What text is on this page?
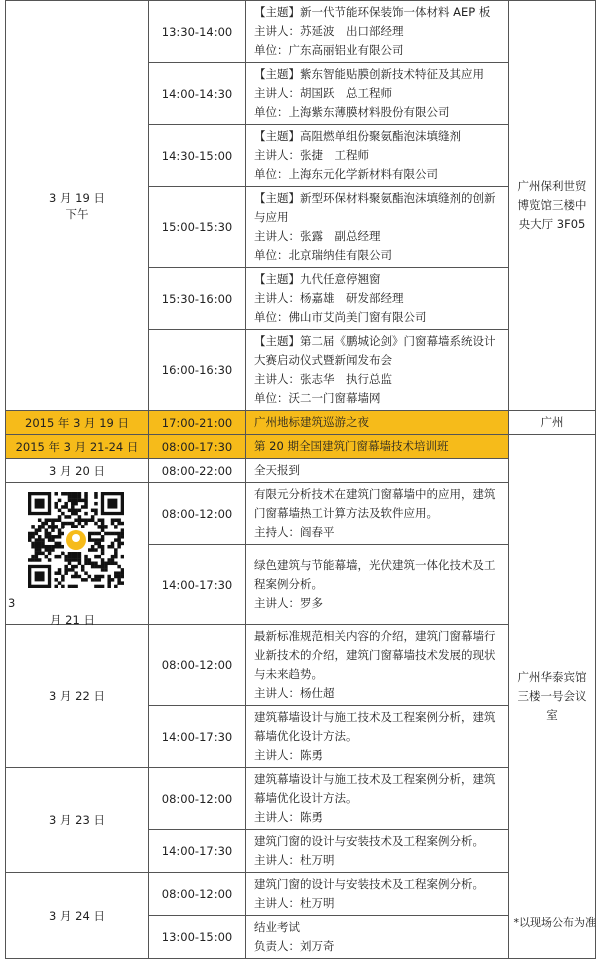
3 月 19 日
下午	13:30-14:00	【主题】新一代节能环保装饰一体材料 AEP 板
主讲人：苏延波　出口部经理
单位：广东高丽铝业有限公司	广州保利世贸博览馆三楼中央大厅 3F05

	14:00-14:30	【主题】紫东智能贴膜创新技术特征及其应用
主讲人：胡国跃　总工程师
单位：上海紫东薄膜材料股份有限公司	

	14:30-15:00	【主题】高阻燃单组份聚氨酯泡沫填缝剂
主讲人：张捷　工程师
单位：上海东元化学新材料有限公司	

	15:00-15:30	【主题】新型环保材料聚氨酯泡沫填缝剂的创新与应用
主讲人：张露　副总经理
单位：北京瑞纳佳有限公司	

	15:30-16:00	【主题】九代任意停翘窗
主讲人：杨嘉雄　研发部经理
单位：佛山市艾尚美门窗有限公司	

	16:00-16:30	【主题】第二届《鹏城论剑》门窗幕墙系统设计大赛启动仪式暨新闻发布会
主讲人：张志华　执行总监
单位：沃二一门窗幕墙网	

2015 年 3 月 19 日	17:00-21:00	广州地标建筑巡游之夜	广州
2015 年 3 月 21-24 日	08:00-17:30	第 20 期全国建筑门窗幕墙技术培训班	广州华泰宾馆三楼一号会议室

3 月 20 日	08:00-22:00	全天报到	

3
月 21 日	08:00-12:00	有限元分析技术在建筑门窗幕墙中的应用，建筑门窗幕墙热工计算方法及软件应用。
主持人：阎春平	

	14:00-17:30	绿色建筑与节能幕墙，光伏建筑一体化技术及工程案例分析。
主讲人：罗多	

3 月 22 日	08:00-12:00	最新标准规范相关内容的介绍，建筑门窗幕墙行业新技术的介绍，建筑门窗幕墙技术发展的现状与未来趋势。
主讲人：杨仕超	

	14:00-17:30	建筑幕墙设计与施工技术及工程案例分析，建筑幕墙优化设计方法。
主讲人：陈勇	

3 月 23 日	08:00-12:00	建筑幕墙设计与施工技术及工程案例分析，建筑幕墙优化设计方法。
主讲人：陈勇	

	14:00-17:30	建筑门窗的设计与安装技术及工程案例分析。
主讲人：杜万明	

3 月 24 日	08:00-12:00	建筑门窗的设计与安装技术及工程案例分析。
主讲人：杜万明	

	13:00-15:00	结业考试
负责人：刘万奇	
*以现场公布为准
